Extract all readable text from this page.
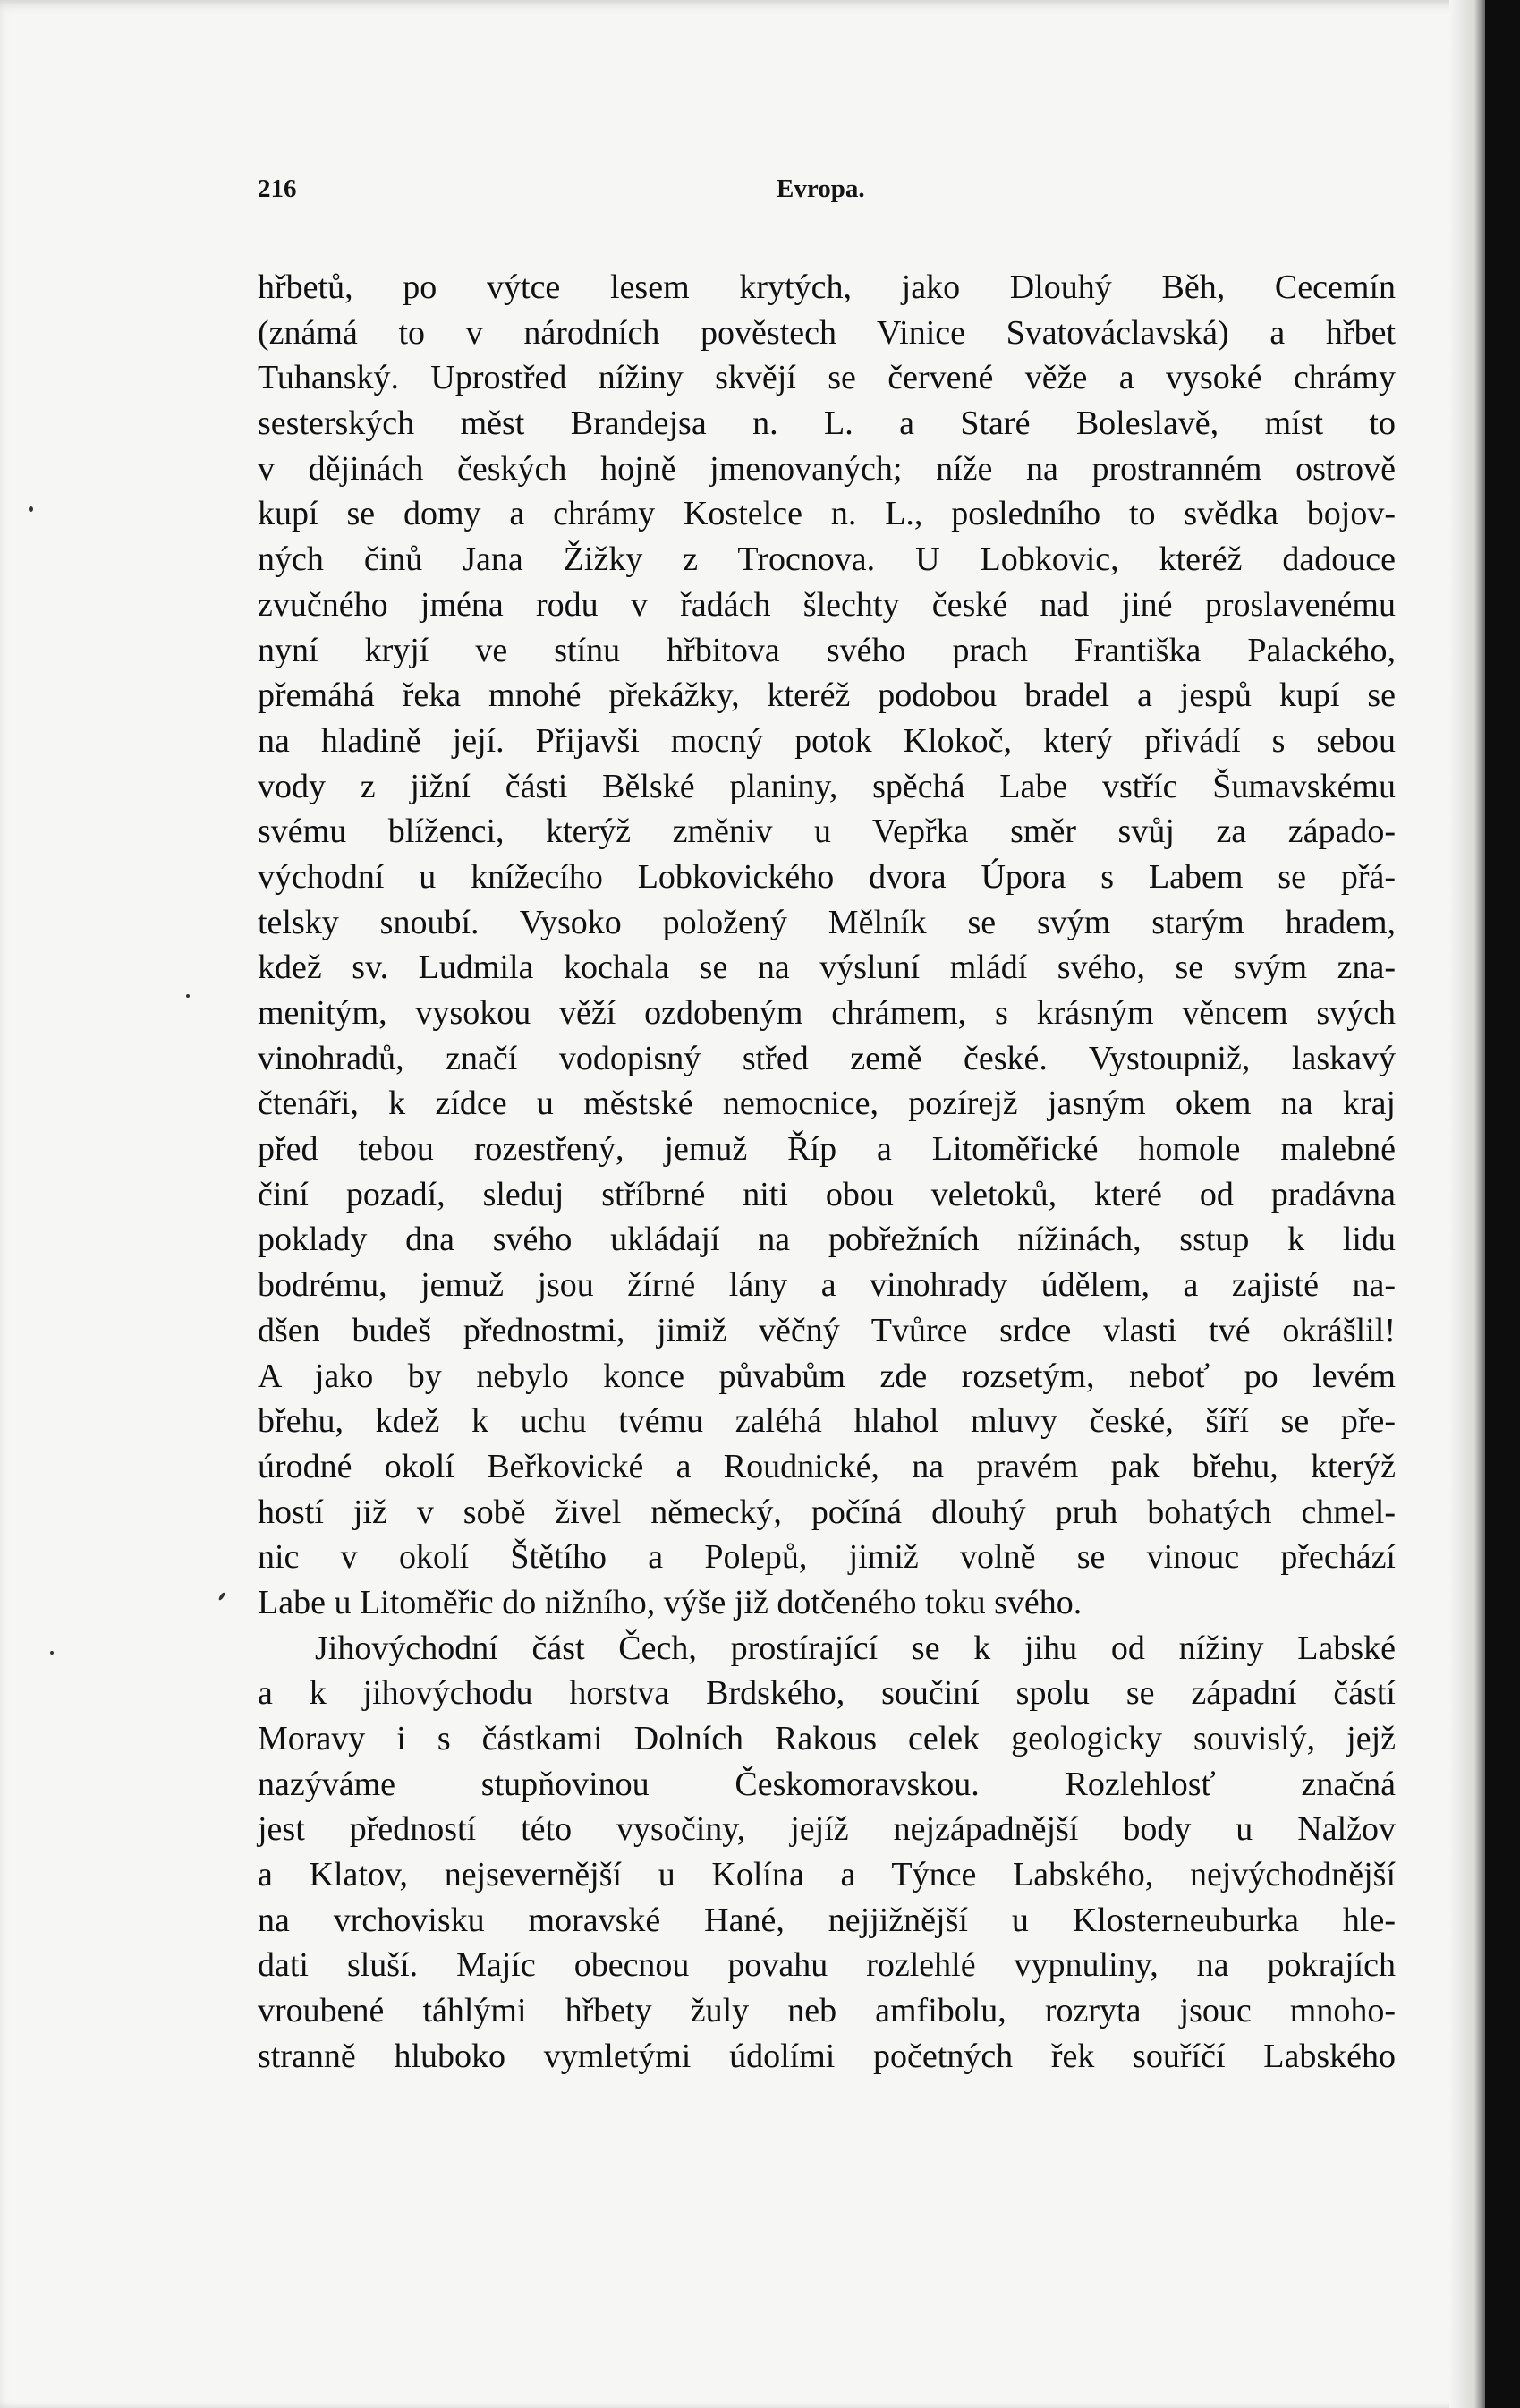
216	Evropa.
hřbetů, po výtce lesem krytých, jako Dlouhý Běh, Cecemín
(známá to v národních pověstech Vinice Svatováclavská) a hřbet
Tuhanský. Uprostřed nížiny skvějí se červené věže a vysoké chrámy
sesterských měst Brandejsa n. L. a Staré Boleslavě, míst to
v dějinách českých hojně jmenovaných; níže na prostranném ostrově
kupí se domy a chrámy Kostelce n. L., posledního to svědka bojov-
ných činů Jana Žižky z Trocnova. U Lobkovic, kteréž dadouce
zvučného jména rodu v řadách šlechty české nad jiné proslavenému
nyní kryjí ve stínu hřbitova svého prach Františka Palackého,
přemáhá řeka mnohé překážky, kteréž podobou bradel a jespů kupí se
na hladině její. Přijavši mocný potok Klokoč, který přivádí s sebou
vody z jižní části Bělské planiny, spěchá Labe vstříc Šumavskému
svému blíženci, kterýž změniv u Vepřka směr svůj za západo-
východní u knížecího Lobkovického dvora Úpora s Labem se přá-
telsky snoubí. Vysoko položený Mělník se svým starým hradem,
kdež sv. Ludmila kochala se na výsluní mládí svého, se svým zna-
menitým, vysokou věží ozdobeným chrámem, s krásným věncem svých
vinohradů, značí vodopisný střed země české. Vystoupniž, laskavý
čtenáři, k zídce u městské nemocnice, pozírejž jasným okem na kraj
před tebou rozestřený, jemuž Říp a Litoměřické homole malebné
činí pozadí, sleduj stříbrné niti obou veletoků, které od pradávna
poklady dna svého ukládají na pobřežních nížinách, sstup k lidu
bodrému, jemuž jsou žírné lány a vinohrady údělem, a zajisté na-
dšen budeš přednostmi, jimiž věčný Tvůrce srdce vlasti tvé okrášlil!
A jako by nebylo konce půvabům zde rozsetým, neboť po levém
břehu, kdež k uchu tvému zaléhá hlahol mluvy české, šíří se pře-
úrodné okolí Beřkovické a Roudnické, na pravém pak břehu, kterýž
hostí již v sobě živel německý, počíná dlouhý pruh bohatých chmel-
nic v okolí Štětího a Polepů, jimiž volně se vinouc přechází
Labe u Litoměřic do nižního, výše již dotčeného toku svého.
Jihovýchodní část Čech, prostírající se k jihu od nížiny Labské
a k jihovýchodu horstva Brdského, součiní spolu se západní částí
Moravy i s částkami Dolních Rakous celek geologicky souvislý, jejž
nazýváme stupňovinou Českomoravskou. Rozlehlosť značná
jest předností této vysočiny, jejíž nejzápadnější body u Nalžov
a Klatov, nejsevernější u Kolína a Týnce Labského, nejvýchodnější
na vrchovisku moravské Hané, nejjižnější u Klosterneuburka hle-
dati sluší. Majíc obecnou povahu rozlehlé vypnuliny, na pokrajích
vroubené táhlými hřbety žuly neb amfibolu, rozryta jsouc mnoho-
stranně hluboko vymletými údolími početných řek souříčí Labského
